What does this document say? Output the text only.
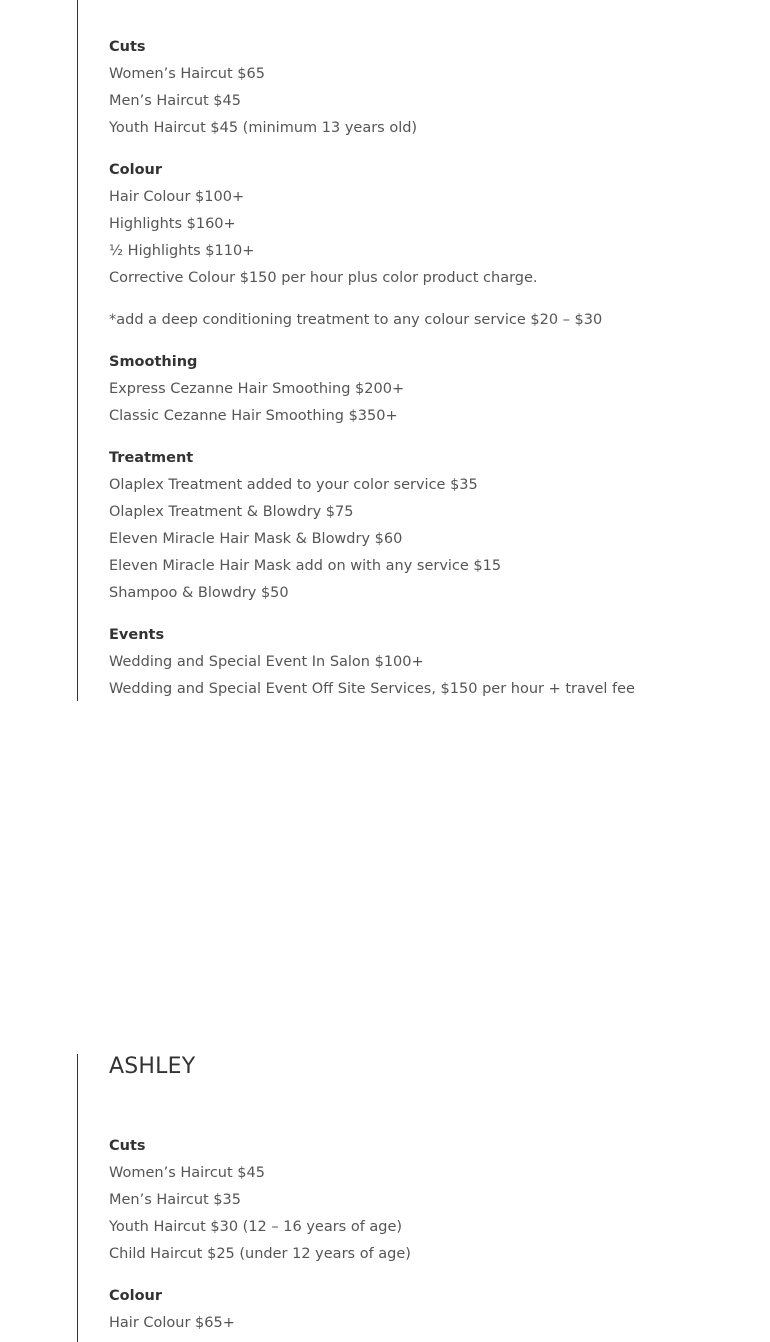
Cuts
Women’s Haircut $65
Men’s Haircut $45
Youth Haircut $45 (minimum 13 years old)
Colour
Hair Colour $100+
Highlights $160+
½ Highlights $110+
Corrective Colour $150 per hour plus color product charge.
*add a deep conditioning treatment to any colour service $20 – $30
Smoothing
Express Cezanne Hair Smoothing $200+
Classic Cezanne Hair Smoothing $350+
Treatment
Olaplex Treatment added to your color service $35
Olaplex Treatment & Blowdry $75
Eleven Miracle Hair Mask & Blowdry $60
Eleven Miracle Hair Mask add on with any service $15
Shampoo & Blowdry $50
Events
Wedding and Special Event In Salon $100+
Wedding and Special Event Off Site Services, $150 per hour + travel fee
ASHLEY
Cuts
Women’s Haircut $45
Men’s Haircut $35
Youth Haircut $30 (12 – 16 years of age)
Child Haircut $25 (under 12 years of age)
Colour
Hair Colour $65+
